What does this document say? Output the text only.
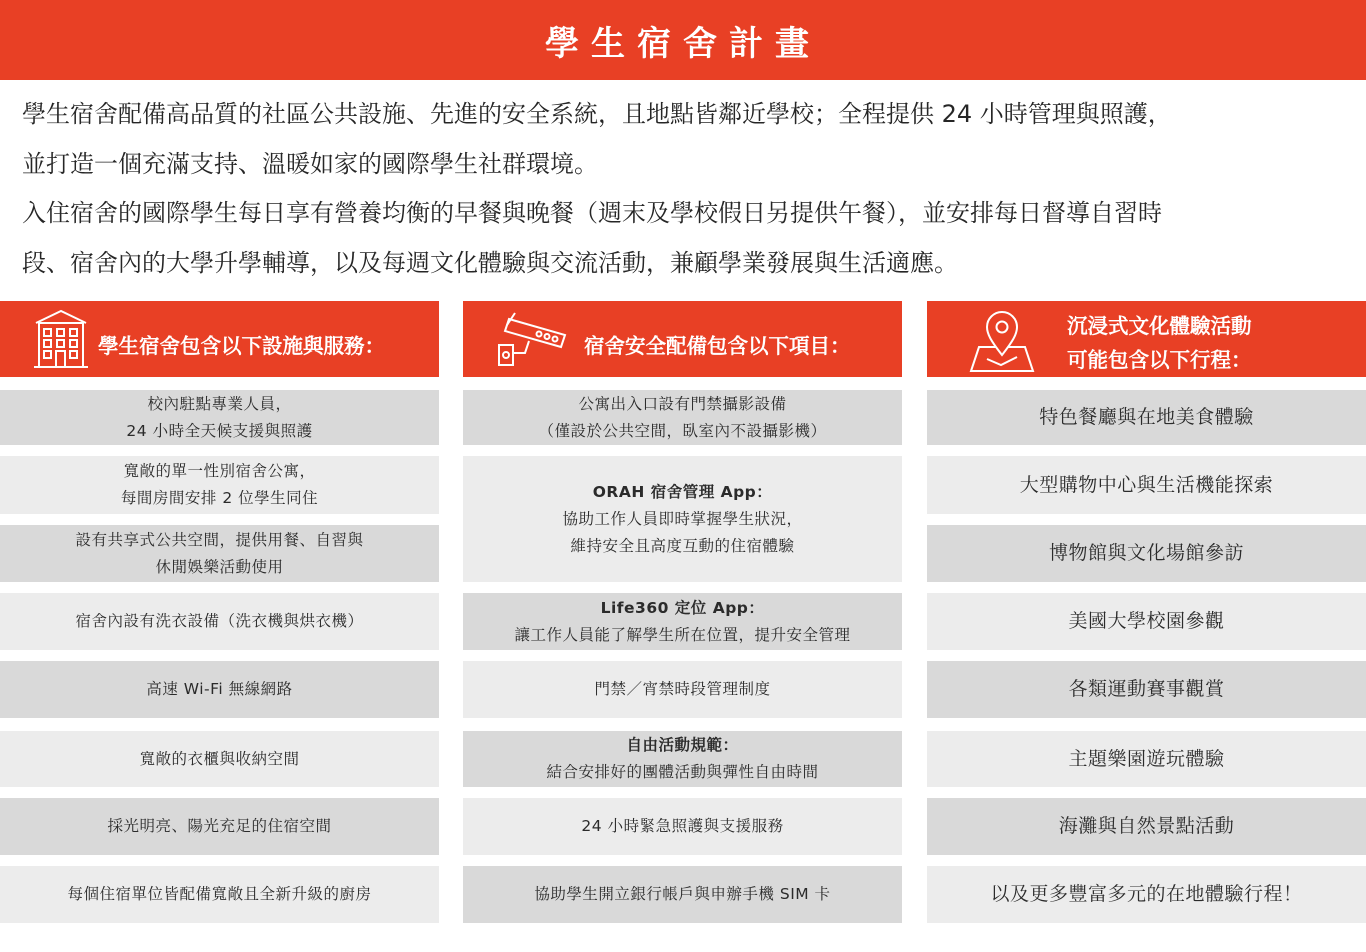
學生宿舍計畫

學生宿舍配備高品質的社區公共設施、先進的安全系統，且地點皆鄰近學校；全程提供 24 小時管理與照護，

並打造一個充滿支持、溫暖如家的國際學生社群環境。

入住宿舍的國際學生每日享有營養均衡的早餐與晚餐（週末及學校假日另提供午餐），並安排每日督導自習時

段、宿舍內的大學升學輔導，以及每週文化體驗與交流活動，兼顧學業發展與生活適應。

學生宿舍包含以下設施與服務：
校內駐點專業人員，
24 小時全天候支援與照護
寬敞的單一性別宿舍公寓，
每間房間安排 2 位學生同住
設有共享式公共空間，提供用餐、自習與
休閒娛樂活動使用
宿舍內設有洗衣設備（洗衣機與烘衣機）
高速 Wi-Fi 無線網路
寬敞的衣櫃與收納空間
採光明亮、陽光充足的住宿空間
每個住宿單位皆配備寬敞且全新升級的廚房
宿舍安全配備包含以下項目：
公寓出入口設有門禁攝影設備
（僅設於公共空間，臥室內不設攝影機）
ORAH 宿舍管理 App：
協助工作人員即時掌握學生狀況，
維持安全且高度互動的住宿體驗
Life360 定位 App：
讓工作人員能了解學生所在位置，提升安全管理
門禁／宵禁時段管理制度
自由活動規範：
結合安排好的團體活動與彈性自由時間
24 小時緊急照護與支援服務
協助學生開立銀行帳戶與申辦手機 SIM 卡
沉浸式文化體驗活動
可能包含以下行程：
特色餐廳與在地美食體驗
大型購物中心與生活機能探索
博物館與文化場館參訪
美國大學校園參觀
各類運動賽事觀賞
主題樂園遊玩體驗
海灘與自然景點活動
以及更多豐富多元的在地體驗行程！
